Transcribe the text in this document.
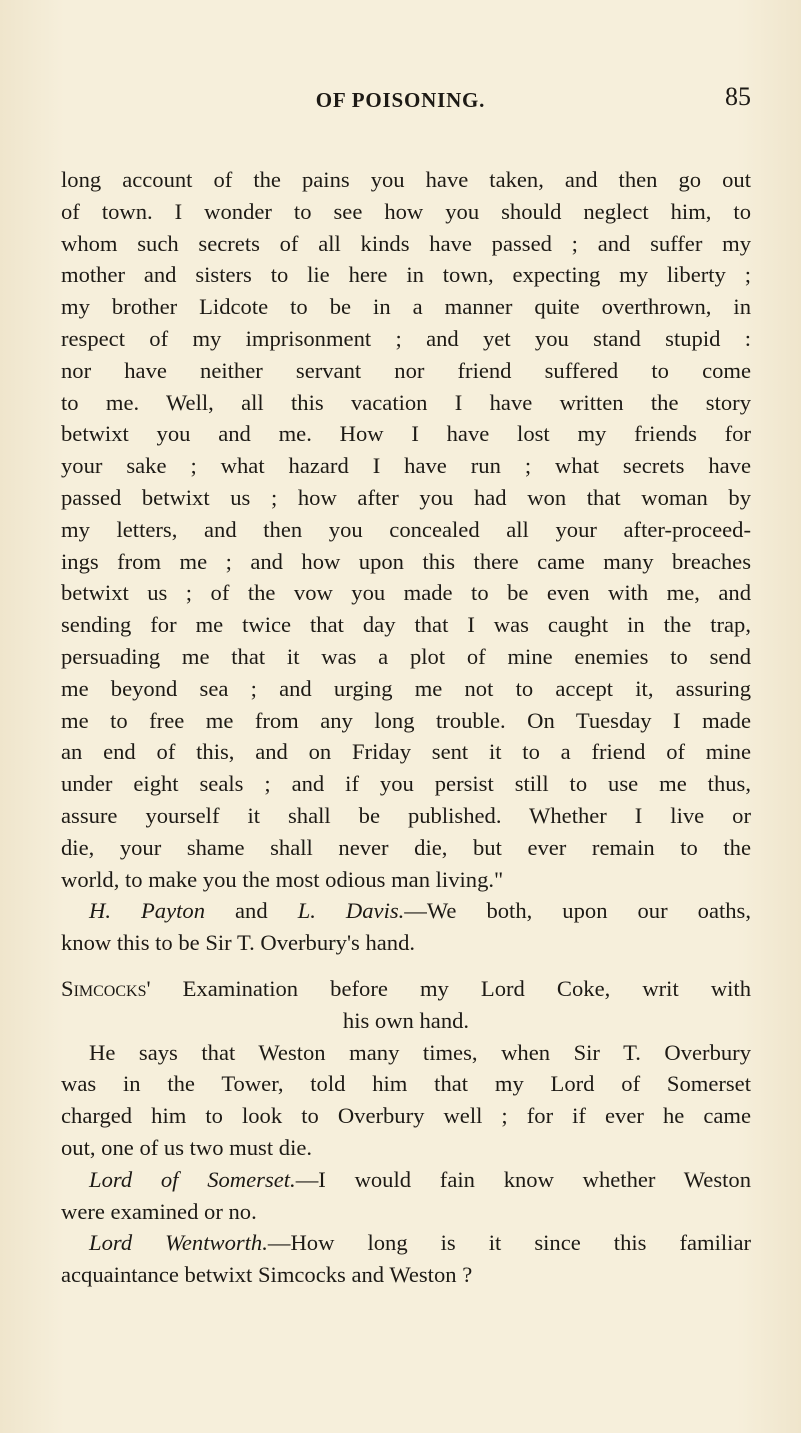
OF POISONING.	85
long account of the pains you have taken, and then go out
of town. I wonder to see how you should neglect him, to
whom such secrets of all kinds have passed ; and suffer my
mother and sisters to lie here in town, expecting my liberty ;
my brother Lidcote to be in a manner quite overthrown, in
respect of my imprisonment ; and yet you stand stupid :
nor have neither servant nor friend suffered to come
to me. Well, all this vacation I have written the story
betwixt you and me. How I have lost my friends for
your sake ; what hazard I have run ; what secrets have
passed betwixt us ; how after you had won that woman by
my letters, and then you concealed all your after-proceed-
ings from me ; and how upon this there came many breaches
betwixt us ; of the vow you made to be even with me, and
sending for me twice that day that I was caught in the trap,
persuading me that it was a plot of mine enemies to send
me beyond sea ; and urging me not to accept it, assuring
me to free me from any long trouble. On Tuesday I made
an end of this, and on Friday sent it to a friend of mine
under eight seals ; and if you persist still to use me thus,
assure yourself it shall be published. Whether I live or
die, your shame shall never die, but ever remain to the
world, to make you the most odious man living."
H. Payton and L. Davis.—We both, upon our oaths,
know this to be Sir T. Overbury's hand.
Simcocks' Examination before my Lord Coke, writ with
his own hand.
He says that Weston many times, when Sir T. Overbury
was in the Tower, told him that my Lord of Somerset
charged him to look to Overbury well ; for if ever he came
out, one of us two must die.
Lord of Somerset.—I would fain know whether Weston
were examined or no.
Lord Wentworth.—How long is it since this familiar
acquaintance betwixt Simcocks and Weston ?
